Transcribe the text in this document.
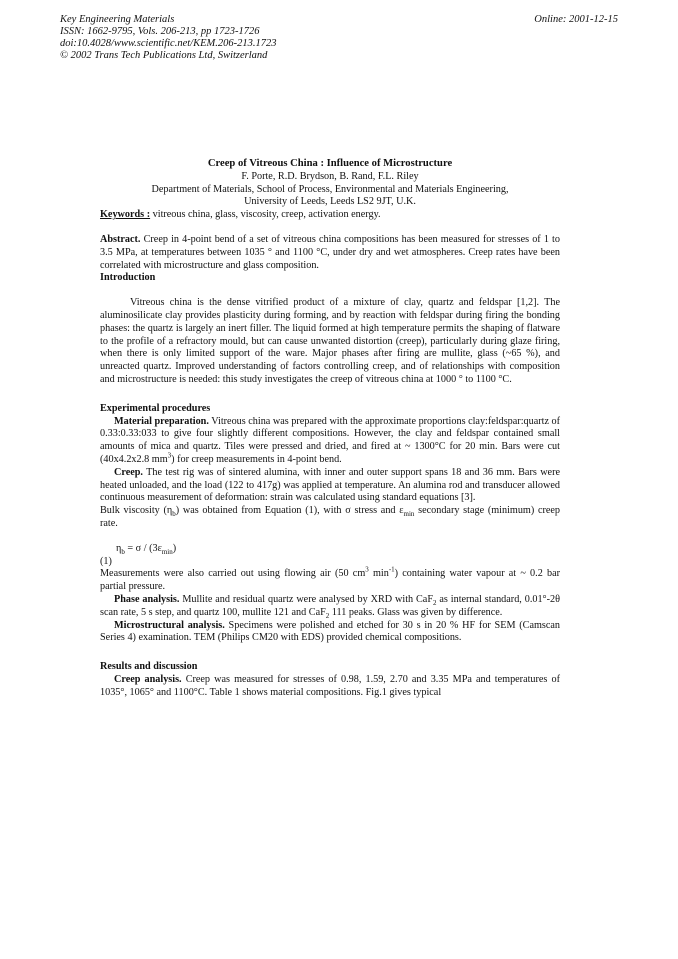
Key Engineering Materials
ISSN: 1662-9795, Vols. 206-213, pp 1723-1726
doi:10.4028/www.scientific.net/KEM.206-213.1723
© 2002 Trans Tech Publications Ltd, Switzerland
Online: 2001-12-15
Creep of Vitreous China : Influence of Microstructure
F. Porte, R.D. Brydson, B. Rand, F.L. Riley
Department of Materials, School of Process, Environmental and Materials Engineering,
University of Leeds, Leeds LS2 9JT, U.K.

Keywords : vitreous china, glass, viscosity, creep, activation energy.

Abstract. Creep in 4-point bend of a set of vitreous china compositions has been measured for stresses of 1 to 3.5 MPa, at temperatures between 1035 ° and 1100 °C, under dry and wet atmospheres. Creep rates have been correlated with microstructure and glass composition.

Introduction

Vitreous china is the dense vitrified product of a mixture of clay, quartz and feldspar [1,2]. The aluminosilicate clay provides plasticity during forming, and by reaction with feldspar during firing the bonding phases: the quartz is largely an inert filler. The liquid formed at high temperature permits the shaping of flatware to the profile of a refractory mould, but can cause unwanted distortion (creep), particularly during glaze firing, when there is only limited support of the ware. Major phases after firing are mullite, glass (~65 %), and unreacted quartz. Improved understanding of factors controlling creep, and of relationships with composition and microstructure is needed: this study investigates the creep of vitreous china at 1000 ° to 1100 °C.

Experimental procedures

Material preparation. Vitreous china was prepared with the approximate proportions clay:feldspar:quartz of 0.33:0.33:033 to give four slightly different compositions. However, the clay and feldspar contained small amounts of mica and quartz. Tiles were pressed and dried, and fired at ~ 1300°C for 20 min. Bars were cut (40x4.2x2.8 $mm^3$) for creep measurements in 4-point bend.

Creep. The test rig was of sintered alumina, with inner and outer support spans 18 and 36 mm. Bars were heated unloaded, and the load (122 to 417g) was applied at temperature. An alumina rod and transducer allowed continuous measurement of deformation: strain was calculated using standard equations [3].

Bulk viscosity $(\eta_b)$ was obtained from Equation (1), with σ stress and $\varepsilon_{min}$ secondary stage (minimum) creep rate.

$\eta_b = \sigma / (3\varepsilon_{min})$
(1)

Measurements were also carried out using flowing air (50 $cm^3$ $\min^{-1}$) containing water vapour at ~ 0.2 bar partial pressure.

Phase analysis. Mullite and residual quartz were analysed by XRD with CaF$_2$ as internal standard, 0.01°-2θ scan rate, 5 s step, and quartz 100, mullite 121 and CaF$_2$ 111 peaks. Glass was given by difference.

Microstructural analysis. Specimens were polished and etched for 30 s in 20 % HF for SEM (Camscan Series 4) examination. TEM (Philips CM20 with EDS) provided chemical compositions.

Results and discussion

Creep analysis. Creep was measured for stresses of 0.98, 1.59, 2.70 and 3.35 MPa and temperatures of 1035°, 1065° and 1100°C. Table 1 shows material compositions. Fig.1 gives typical
